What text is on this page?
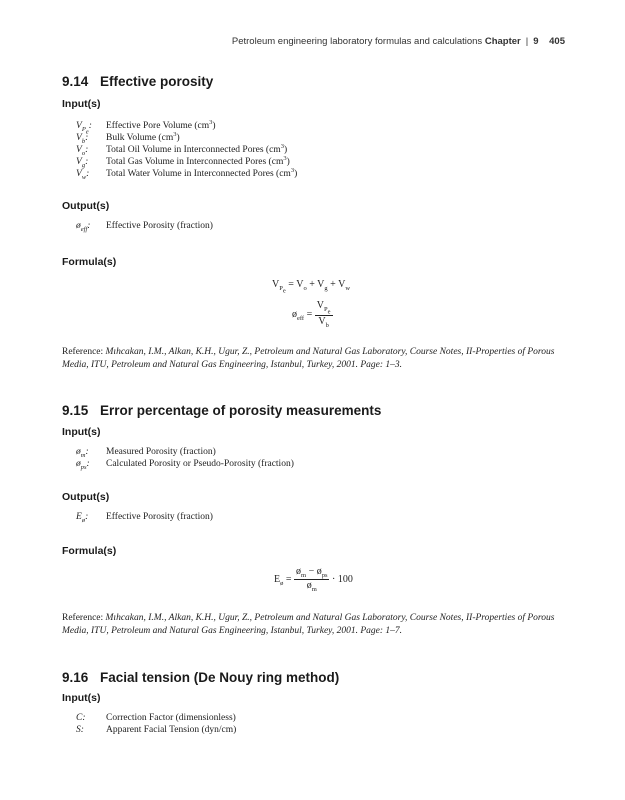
Petroleum engineering laboratory formulas and calculations Chapter | 9 405
9.14 Effective porosity
Input(s)
$V_{P_e}$: Effective Pore Volume $(cm^3)$
$V_b$: Bulk Volume $(cm^3)$
$V_o$: Total Oil Volume in Interconnected Pores $(cm^3)$
$V_g$: Total Gas Volume in Interconnected Pores $(cm^3)$
$V_w$: Total Water Volume in Interconnected Pores $(cm^3)$
Output(s)
$ø_{eff}$: Effective Porosity (fraction)
Formula(s)
$V_{P_e} = V_o + V_g + V_w$
$ø_{eff} = \frac{V_{P_e}}{V_b}$
Reference: Mıhcakan, I.M., Alkan, K.H., Ugur, Z., Petroleum and Natural Gas Laboratory, Course Notes, II-Properties of Porous Media, ITU, Petroleum and Natural Gas Engineering, Istanbul, Turkey, 2001. Page: 1–3.
9.15 Error percentage of porosity measurements
Input(s)
$ø_m$: Measured Porosity (fraction)
$ø_{ps}$: Calculated Porosity or Pseudo-Porosity (fraction)
Output(s)
$E_ø$: Effective Porosity (fraction)
Formula(s)
$E_ø = \frac{ø_m - ø_{ps}}{ø_m} \cdot 100$
Reference: Mıhcakan, I.M., Alkan, K.H., Ugur, Z., Petroleum and Natural Gas Laboratory, Course Notes, II-Properties of Porous Media, ITU, Petroleum and Natural Gas Engineering, Istanbul, Turkey, 2001. Page: 1–7.
9.16 Facial tension (De Nouy ring method)
Input(s)
C: Correction Factor (dimensionless)
S: Apparent Facial Tension (dyn/cm)
